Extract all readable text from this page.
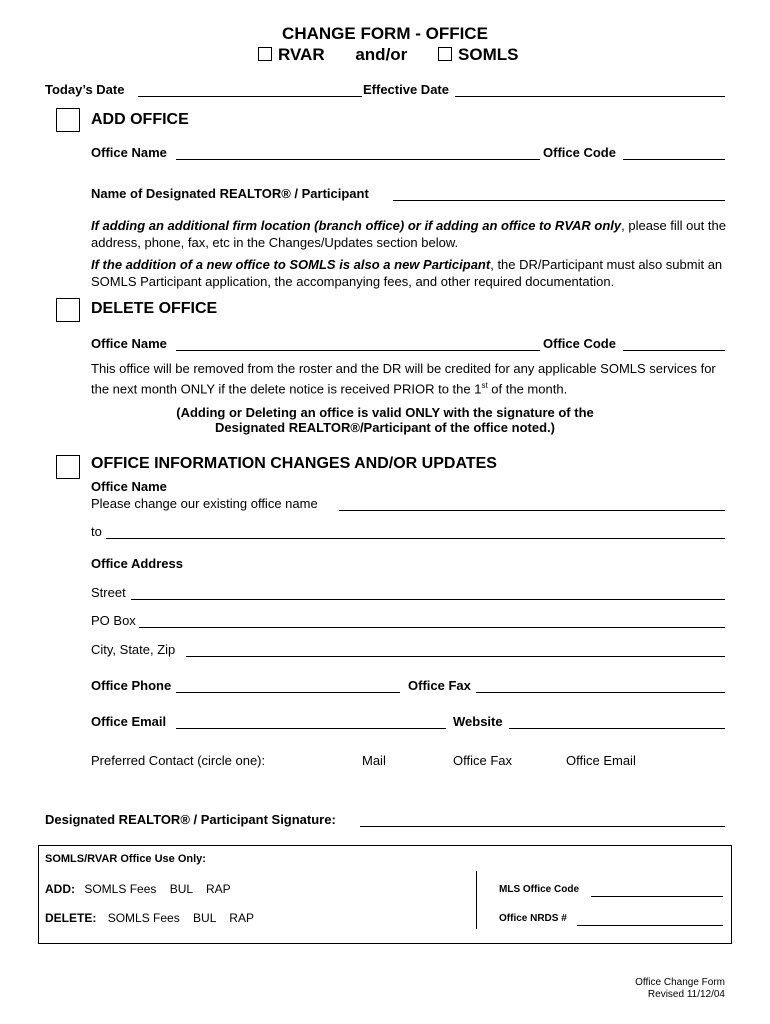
CHANGE FORM - OFFICE
RVAR and/or	SOMLS
Today’s Date	Effective Date
ADD OFFICE
Office Name	Office Code
Name of Designated REALTOR® / Participant
If adding an additional firm location (branch office) or if adding an office to RVAR only, please fill out the address, phone, fax, etc in the Changes/Updates section below.
If the addition of a new office to SOMLS is also a new Participant, the DR/Participant must also submit an SOMLS Participant application, the accompanying fees, and other required documentation.
DELETE OFFICE
Office Name	Office Code
This office will be removed from the roster and the DR will be credited for any applicable SOMLS services for the next month ONLY if the delete notice is received PRIOR to the 1st of the month.
(Adding or Deleting an office is valid ONLY with the signature of the
Designated REALTOR®/Participant of the office noted.)
OFFICE INFORMATION CHANGES AND/OR UPDATES
Office Name
Please change our existing office name
to
Office Address
Street
PO Box
City, State, Zip
Office Phone	Office Fax
Office Email	Website
Preferred Contact (circle one):	Mail	Office Fax	Office Email
Designated REALTOR® / Participant Signature:
SOMLS/RVAR Office Use Only:
ADD: SOMLS Fees    BUL    RAP
DELETE: SOMLS Fees    BUL    RAP
MLS Office Code
Office NRDS #
Office Change Form
Revised 11/12/04
